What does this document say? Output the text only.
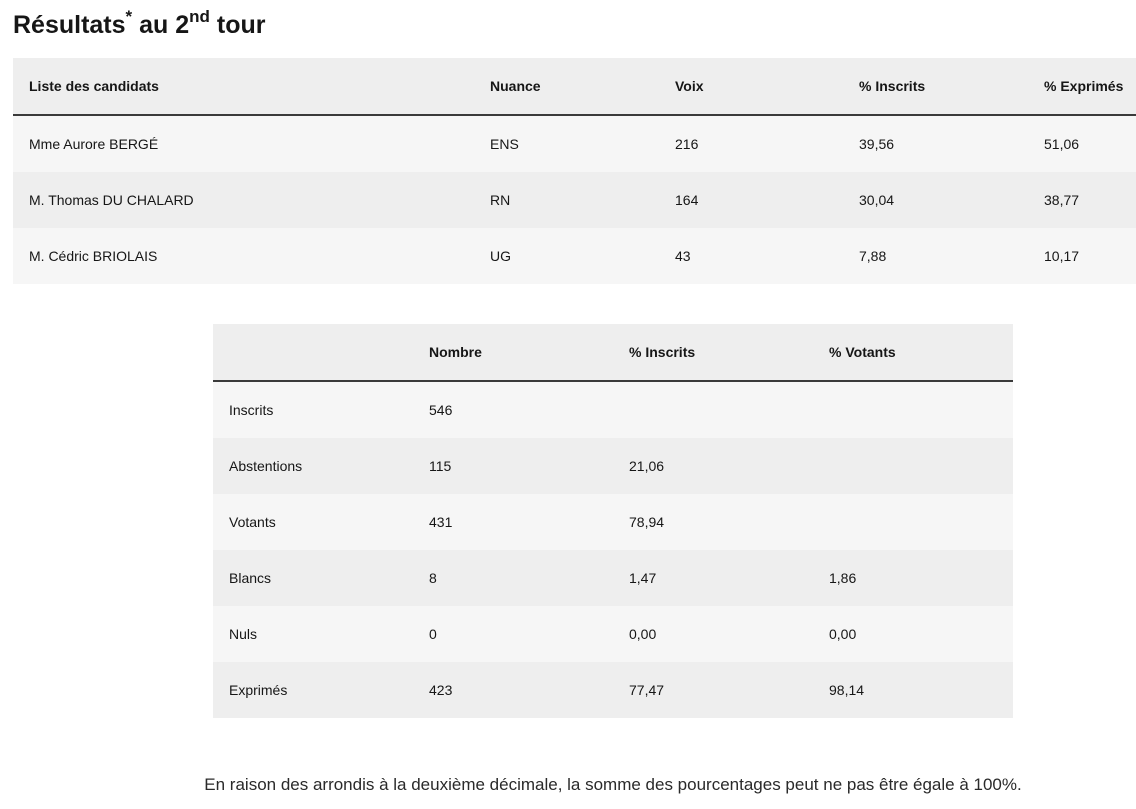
Résultats* au 2nd tour
Liste des candidats	Nuance	Voix	% Inscrits	% Exprimés
Mme Aurore BERGÉ	ENS	216	39,56	51,06
M. Thomas DU CHALARD	RN	164	30,04	38,77
M. Cédric BRIOLAIS	UG	43	7,88	10,17
	Nombre	% Inscrits	% Votants
Inscrits	546		
Abstentions	115	21,06	
Votants	431	78,94	
Blancs	8	1,47	1,86
Nuls	0	0,00	0,00
Exprimés	423	77,47	98,14

En raison des arrondis à la deuxième décimale, la somme des pourcentages peut ne pas être égale à 100%.
